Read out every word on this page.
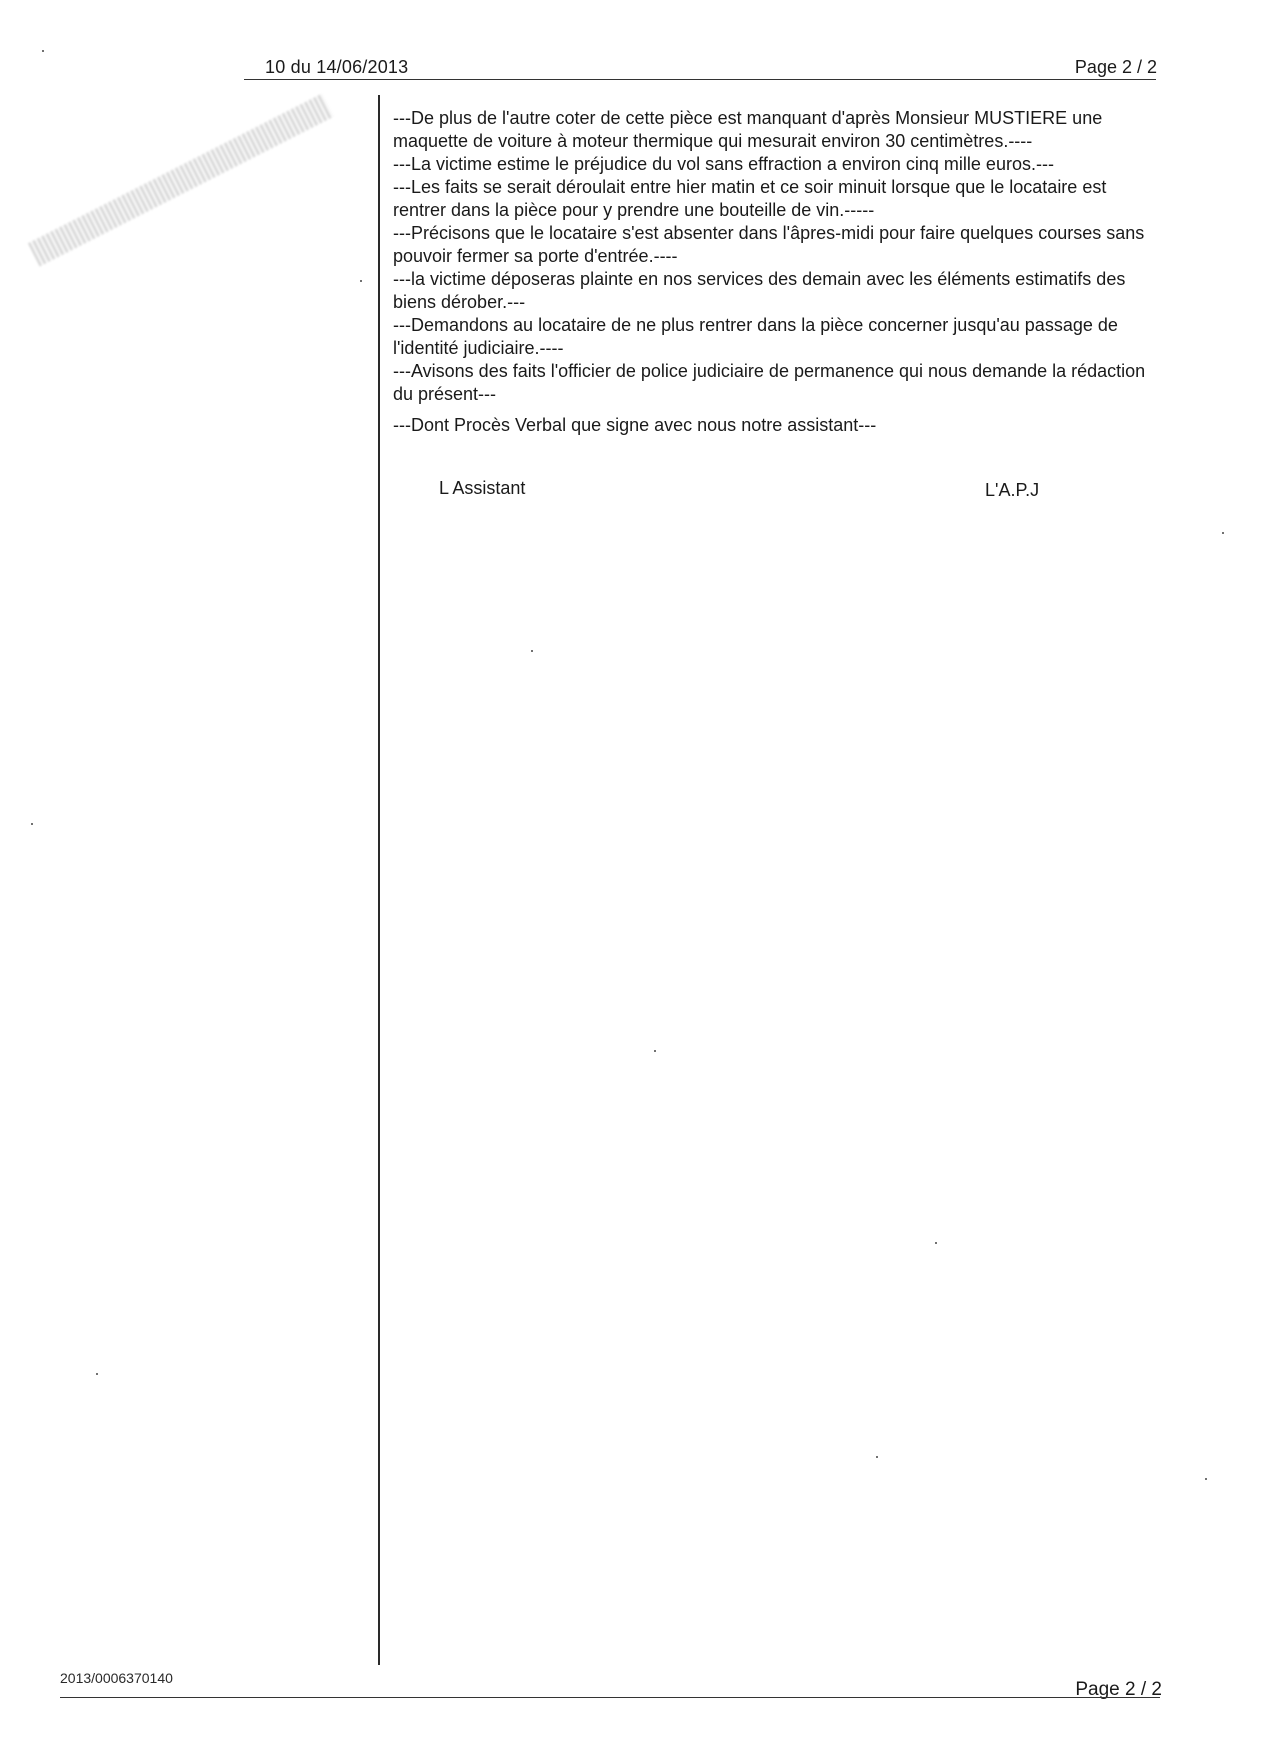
10 du 14/06/2013	Page 2 / 2

---De plus de l'autre coter de cette pièce est manquant d'après Monsieur MUSTIERE une maquette de voiture à moteur thermique qui mesurait environ 30 centimètres.----

---La victime estime le préjudice du vol sans effraction a environ cinq mille euros.---

---Les faits se serait déroulait entre hier matin et ce soir minuit lorsque que le locataire est rentrer dans la pièce pour y prendre une bouteille de vin.-----

---Précisons que le locataire s'est absenter dans l'âpres-midi pour faire quelques courses sans pouvoir fermer sa porte d'entrée.----

---la victime déposeras plainte en nos services des demain avec les éléments estimatifs des biens dérober.---

---Demandons au locataire de ne plus rentrer dans la pièce concerner jusqu'au passage de l'identité judiciaire.----

---Avisons des faits l'officier de police judiciaire de permanence qui nous demande la rédaction du présent---

---Dont Procès Verbal que signe avec nous notre assistant---

L Assistant	L'A.P.J
2013/0006370140
Page 2 / 2
